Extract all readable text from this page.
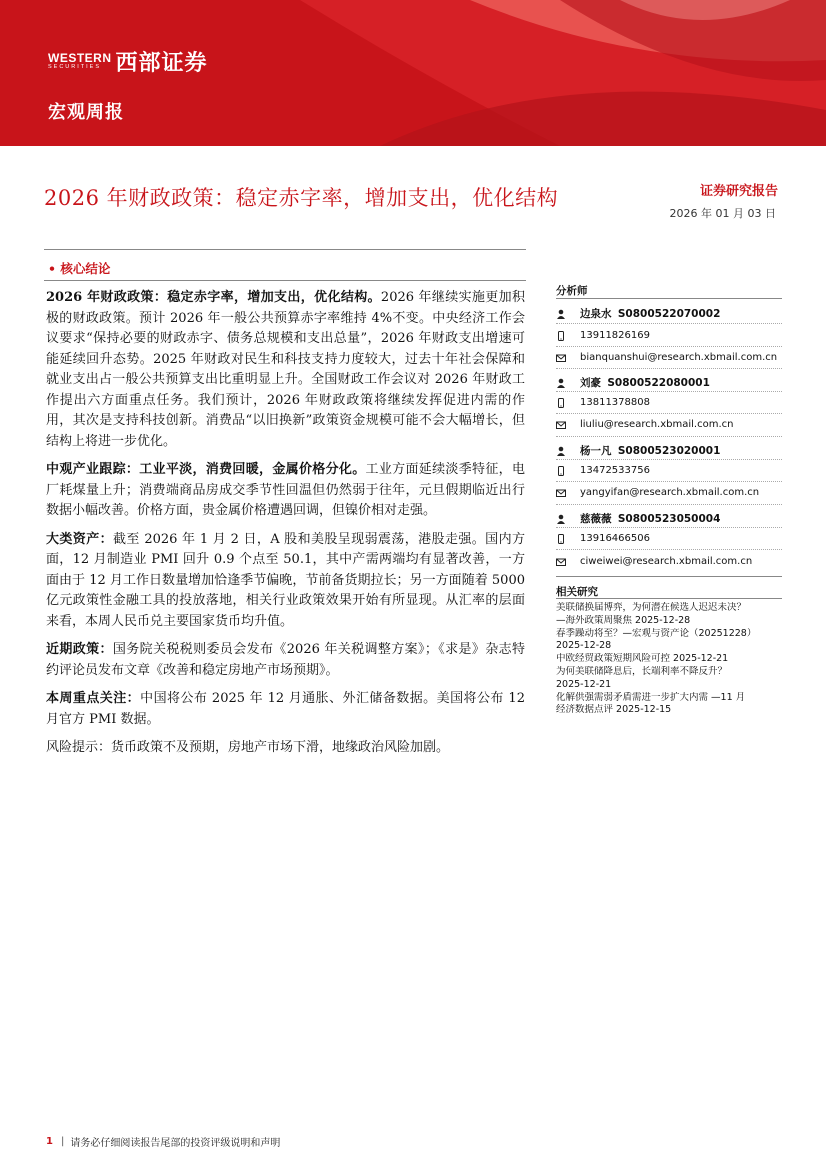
WESTERN
SECURITIES 西部证券
宏观周报
2026 年财政政策：稳定赤字率，增加支出，优化结构	证券研究报告
2026 年 01 月 03 日
• 核心结论

2026 年财政政策：稳定赤字率，增加支出，优化结构。2026 年继续实施更加积极的财政政策。预计 2026 年一般公共预算赤字率维持 4%不变。中央经济工作会议要求“保持必要的财政赤字、债务总规模和支出总量”，2026 年财政支出增速可能延续回升态势。2025 年财政对民生和科技支持力度较大，过去十年社会保障和就业支出占一般公共预算支出比重明显上升。全国财政工作会议对 2026 年财政工作提出六方面重点任务。我们预计，2026 年财政政策将继续发挥促进内需的作用，其次是支持科技创新。消费品“以旧换新”政策资金规模可能不会大幅增长，但结构上将进一步优化。

中观产业跟踪：工业平淡，消费回暖，金属价格分化。工业方面延续淡季特征，电厂耗煤量上升；消费端商品房成交季节性回温但仍然弱于往年，元旦假期临近出行数据小幅改善。价格方面，贵金属价格遭遇回调，但镍价相对走强。

大类资产：截至 2026 年 1 月 2 日，A 股和美股呈现弱震荡，港股走强。国内方面，12 月制造业 PMI 回升 0.9 个点至 50.1，其中产需两端均有显著改善，一方面由于 12 月工作日数量增加恰逢季节偏晚，节前备货期拉长；另一方面随着 5000 亿元政策性金融工具的投放落地，相关行业政策效果开始有所显现。从汇率的层面来看，本周人民币兑主要国家货币均升值。

近期政策：国务院关税税则委员会发布《2026 年关税调整方案》；《求是》杂志特约评论员发布文章《改善和稳定房地产市场预期》。

本周重点关注：中国将公布 2025 年 12 月通胀、外汇储备数据。美国将公布 12 月官方 PMI 数据。

风险提示：货币政策不及预期，房地产市场下滑，地缘政治风险加剧。

分析师
边泉水
S0800522070002
13911826169
bianquanshui@research.xbmail.com.cn
刘豪
S0800522080001
13811378808
liuliu@research.xbmail.com.cn
杨一凡
S0800523020001
13472533756
yangyifan@research.xbmail.com.cn
慈薇薇
S0800523050004
13916466506
ciweiwei@research.xbmail.com.cn
相关研究
美联储换届博弈，为何潜在候选人迟迟未决？
—海外政策周聚焦 2025-12-28
春季躁动将至？—宏观与资产论（20251228）
2025-12-28
中欧经贸政策短期风险可控 2025-12-21
为何美联储降息后，长端利率不降反升？
2025-12-21
化解供强需弱矛盾需进一步扩大内需 —11 月
经济数据点评 2025-12-15
1 | 请务必仔细阅读报告尾部的投资评级说明和声明
